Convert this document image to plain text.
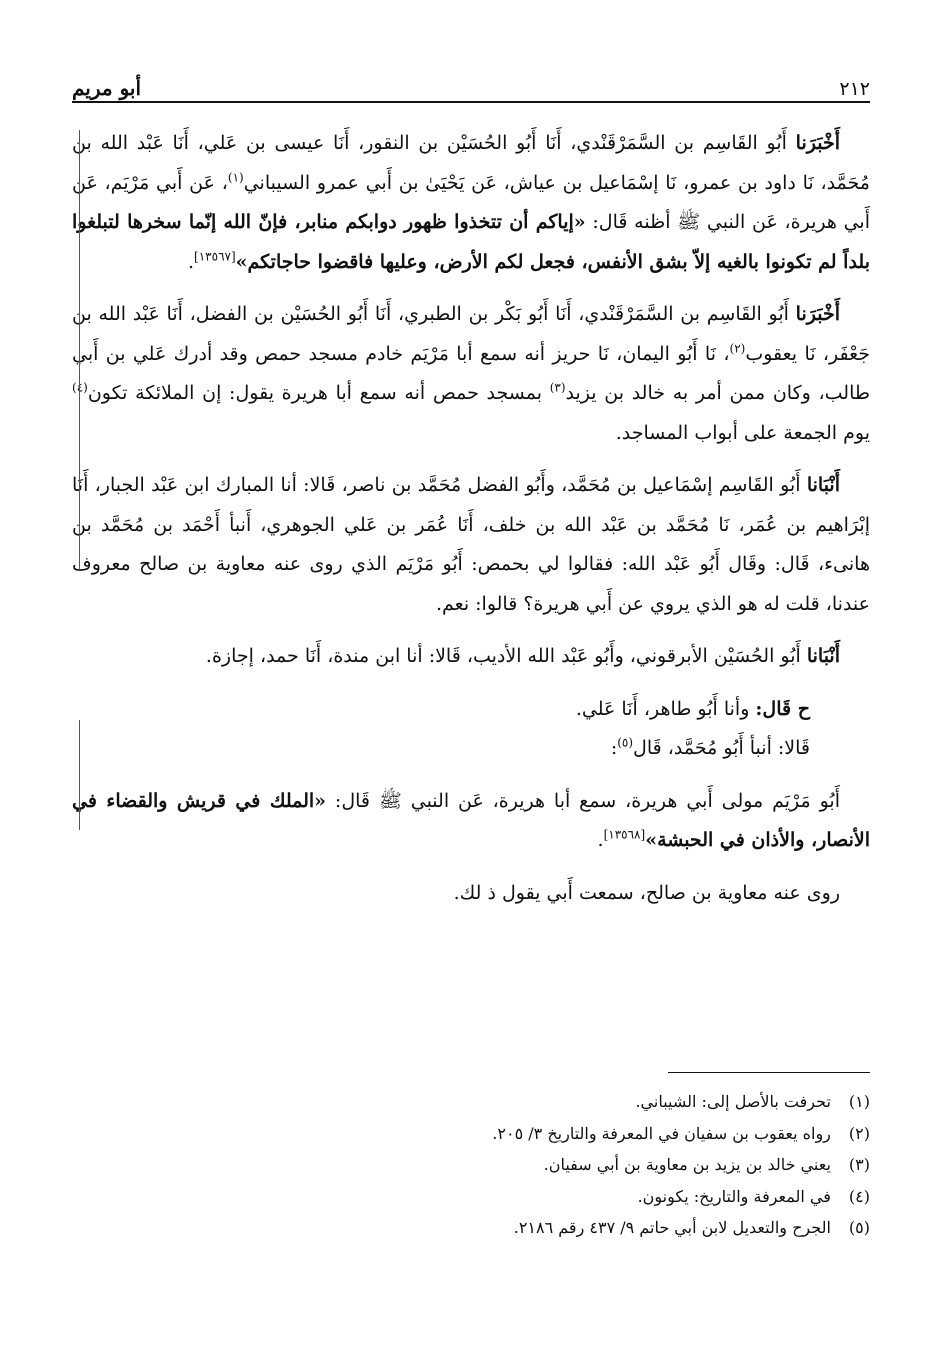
٢١٢
أبو مريم

أَخْبَرَنا أَبُو القَاسِم بن السَّمَرْقَنْدي، أَنَا أَبُو الحُسَيْن بن النقور، أَنَا عيسى بن عَلي، أَنَا عَبْد الله بن مُحَمَّد، نَا داود بن عمرو، نَا إسْمَاعيل بن عياش، عَن يَحْيَىٰ بن أَبي عمرو السيباني$^{(١)}$، عَن أَبي مَرْيَم، عَن أَبي هريرة، عَن النبي ﷺ أظنه قَال: «إياكم أن تتخذوا ظهور دوابكم منابر، فإنّ الله إنّما سخرها لتبلغوا بلداً لم تكونوا بالغيه إلاّ بشق الأنفس، فجعل لكم الأرض، وعليها فاقضوا حاجاتكم»[١٣٥٦٧].

أَخْبَرَنا أَبُو القَاسِم بن السَّمَرْقَنْدي، أَنَا أَبُو بَكْر بن الطبري، أَنَا أَبُو الحُسَيْن بن الفضل، أَنَا عَبْد الله بن جَعْفَر، نَا يعقوب$^{(٢)}$، نَا أَبُو اليمان، نَا حريز أنه سمع أبا مَرْيَم خادم مسجد حمص وقد أدرك عَلي بن أَبي طالب، وكان ممن أمر به خالد بن يزيد$^{(٣)}$ بمسجد حمص أنه سمع أبا هريرة يقول: إن الملائكة تكون$^{(٤)}$ يوم الجمعة على أبواب المساجد.

أَنْبَانا أَبُو القَاسِم إسْمَاعيل بن مُحَمَّد، وأَبُو الفضل مُحَمَّد بن ناصر، قَالا: أنا المبارك ابن عَبْد الجبار، أَنَا إبْرَاهيم بن عُمَر، نَا مُحَمَّد بن عَبْد الله بن خلف، أَنَا عُمَر بن عَلي الجوهري، أَنبأ أَحْمَد بن مُحَمَّد بن هانىء، قَال: وقَال أَبُو عَبْد الله: فقالوا لي بحمص: أَبُو مَرْيَم الذي روى عنه معاوية بن صالح معروف عندنا، قلت له هو الذي يروي عن أَبي هريرة؟ قالوا: نعم.

أَنْبَانا أَبُو الحُسَيْن الأبرقوني، وأَبُو عَبْد الله الأديب، قَالا: أنا ابن مندة، أَنَا حمد، إجازة.

ح قَال: وأنا أَبُو طاهر، أَنَا عَلي.

قَالا: أنبأ أَبُو مُحَمَّد، قَال$^{(٥)}$:

أَبُو مَرْيَم مولى أَبي هريرة، سمع أبا هريرة، عَن النبي ﷺ قَال: «الملك في قريش والقضاء في الأنصار، والأذان في الحبشة»[١٣٥٦٨].

روى عنه معاوية بن صالح، سمعت أَبي يقول ذ لك.

(١) تحرفت بالأصل إلى: الشيباني.
(٢) رواه يعقوب بن سفيان في المعرفة والتاريخ ٣/ ٢٠٥.
(٣) يعني خالد بن يزيد بن معاوية بن أبي سفيان.
(٤) في المعرفة والتاريخ: يكونون.
(٥) الجرح والتعديل لابن أبي حاتم ٩/ ٤٣٧ رقم ٢١٨٦.
